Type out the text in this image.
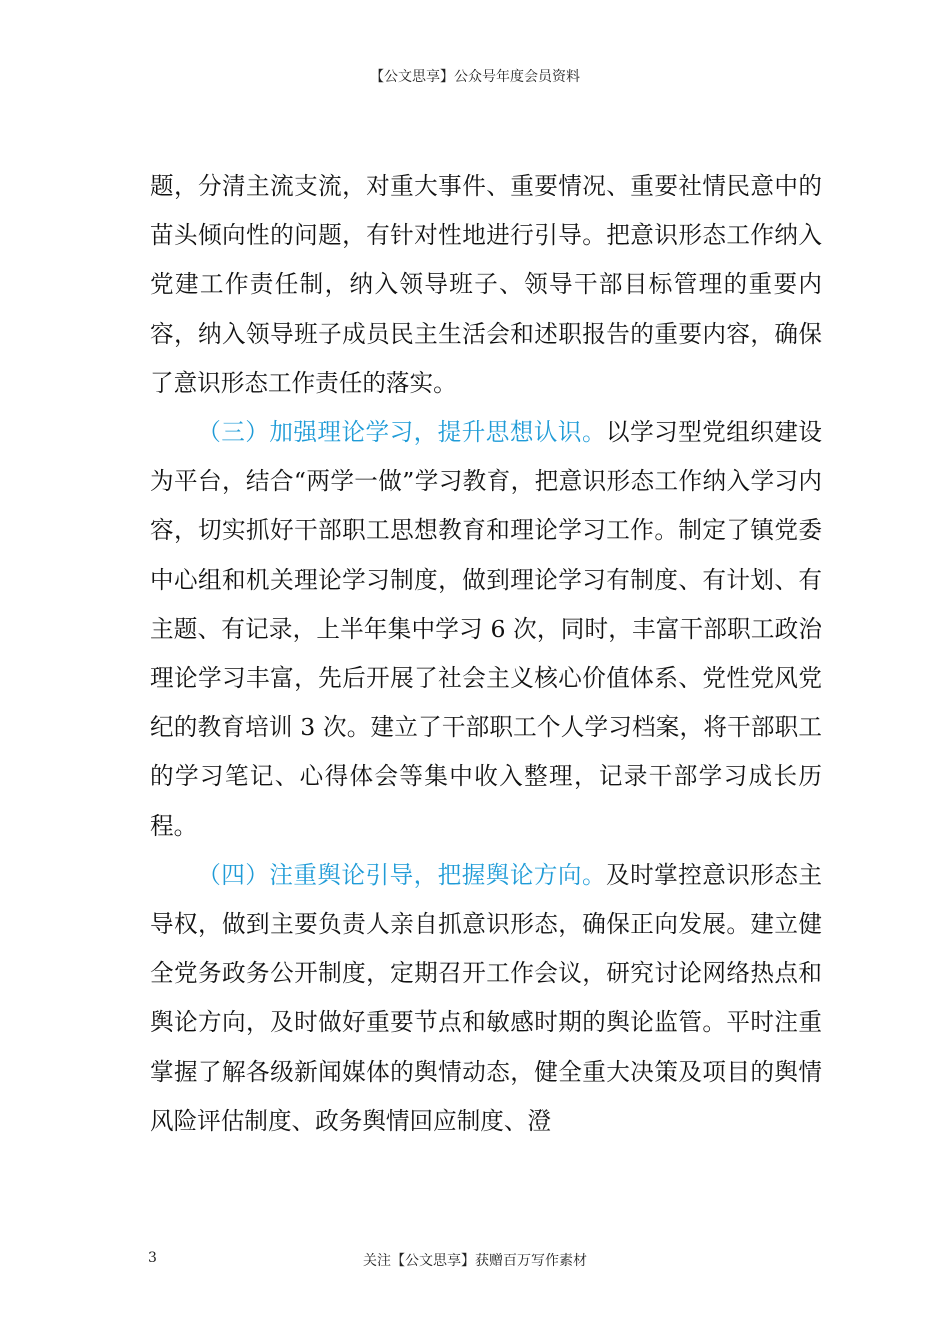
【公文思享】公众号年度会员资料

题，分清主流支流，对重大事件、重要情况、重要社情民意中的苗头倾向性的问题，有针对性地进行引导。把意识形态工作纳入党建工作责任制，纳入领导班子、领导干部目标管理的重要内容，纳入领导班子成员民主生活会和述职报告的重要内容，确保了意识形态工作责任的落实。

（三）加强理论学习，提升思想认识。以学习型党组织建设为平台，结合“两学一做”学习教育，把意识形态工作纳入学习内容，切实抓好干部职工思想教育和理论学习工作。制定了镇党委中心组和机关理论学习制度，做到理论学习有制度、有计划、有主题、有记录，上半年集中学习 6 次，同时，丰富干部职工政治理论学习丰富，先后开展了社会主义核心价值体系、党性党风党纪的教育培训 3 次。建立了干部职工个人学习档案，将干部职工的学习笔记、心得体会等集中收入整理，记录干部学习成长历程。

（四）注重舆论引导，把握舆论方向。及时掌控意识形态主导权，做到主要负责人亲自抓意识形态，确保正向发展。建立健全党务政务公开制度，定期召开工作会议，研究讨论网络热点和舆论方向，及时做好重要节点和敏感时期的舆论监管。平时注重掌握了解各级新闻媒体的舆情动态，健全重大决策及项目的舆情风险评估制度、政务舆情回应制度、澄

3	关注【公文思享】获赠百万写作素材
